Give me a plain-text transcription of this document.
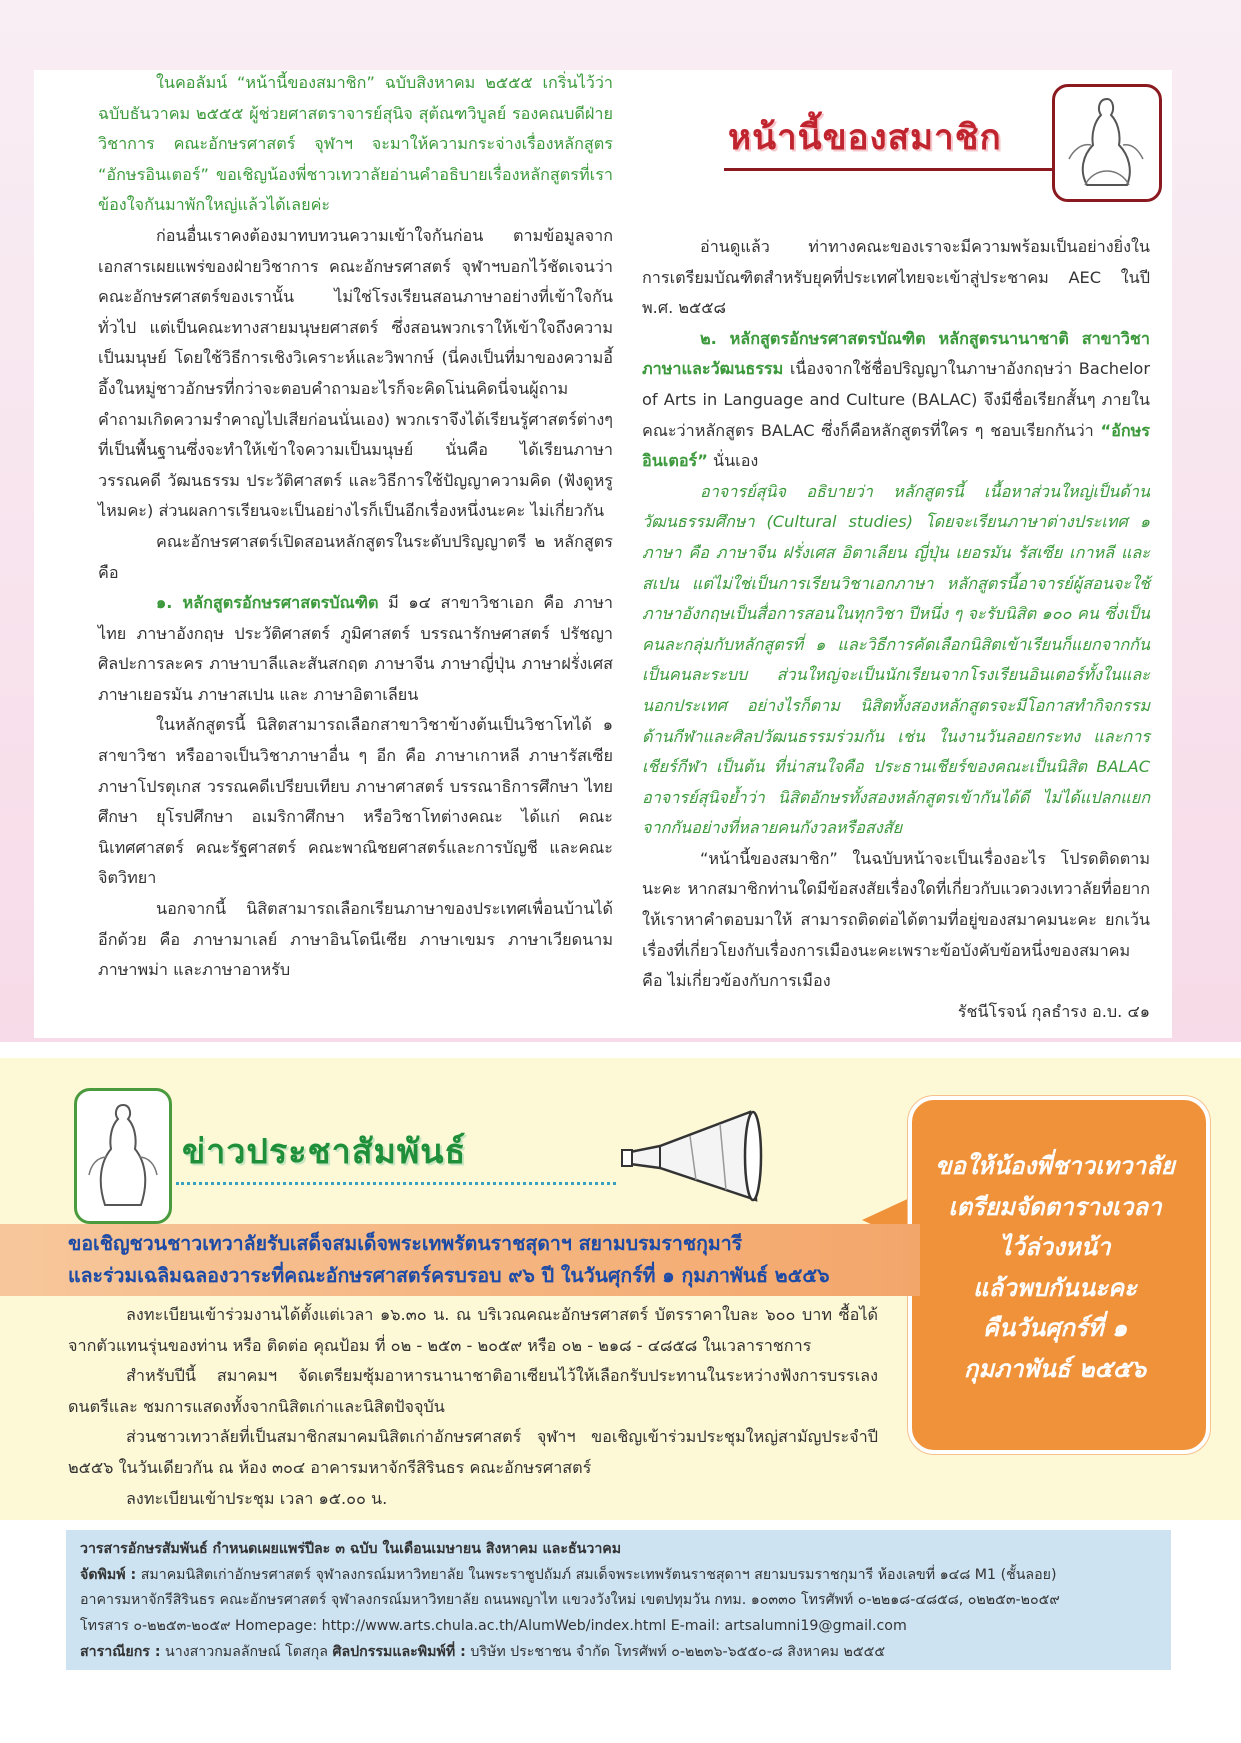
หน้านี้ของสมาชิก

ในคอลัมน์ “หน้านี้ของสมาชิก” ฉบับสิงหาคม ๒๕๕๕ เกริ่นไว้ว่าฉบับธันวาคม ๒๕๕๕ ผู้ช่วยศาสตราจารย์สุนิจ สุต้ณฑวิบูลย์ รองคณบดีฝ่ายวิชาการ คณะอักษรศาสตร์ จุฬาฯ จะมาให้ความกระจ่างเรื่องหลักสูตร “อักษรอินเตอร์” ขอเชิญน้องพี่ชาวเทวาลัยอ่านคำอธิบายเรื่องหลักสูตรที่เราข้องใจกันมาพักใหญ่แล้วได้เลยค่ะ

ก่อนอื่นเราคงต้องมาทบทวนความเข้าใจกันก่อน ตามข้อมูลจากเอกสารเผยแพร่ของฝ่ายวิชาการ คณะอักษรศาสตร์ จุฬาฯบอกไว้ชัดเจนว่า คณะอักษรศาสตร์ของเรานั้น ไม่ใช่โรงเรียนสอนภาษาอย่างที่เข้าใจกันทั่วไป แต่เป็นคณะทางสายมนุษยศาสตร์ ซึ่งสอนพวกเราให้เข้าใจถึงความเป็นมนุษย์ โดยใช้วิธีการเชิงวิเคราะห์และวิพากษ์ (นี่คงเป็นที่มาของความอี้อึ้งในหมู่ชาวอักษรที่กว่าจะตอบคำถามอะไรก็จะคิดโน่นคิดนี่จนผู้ถามคำถามเกิดความรำคาญไปเสียก่อนนั่นเอง) พวกเราจึงได้เรียนรู้ศาสตร์ต่างๆ ที่เป็นพื้นฐานซึ่งจะทำให้เข้าใจความเป็นมนุษย์ นั่นคือ ได้เรียนภาษา วรรณคดี วัฒนธรรม ประวัติศาสตร์ และวิธีการใช้ปัญญาความคิด (ฟังดูหรูไหมคะ) ส่วนผลการเรียนจะเป็นอย่างไรก็เป็นอีกเรื่องหนึ่งนะคะ ไม่เกี่ยวกัน

คณะอักษรศาสตร์เปิดสอนหลักสูตรในระดับปริญญาตรี ๒ หลักสูตร คือ

๑. หลักสูตรอักษรศาสตรบัณฑิต มี ๑๔ สาขาวิชาเอก คือ ภาษาไทย ภาษาอังกฤษ ประวัติศาสตร์ ภูมิศาสตร์ บรรณารักษศาสตร์ ปรัชญา ศิลปะการละคร ภาษาบาลีและสันสกฤต ภาษาจีน ภาษาญี่ปุ่น ภาษาฝรั่งเศส ภาษาเยอรมัน ภาษาสเปน และ ภาษาอิตาเลียน

ในหลักสูตรนี้ นิสิตสามารถเลือกสาขาวิชาข้างต้นเป็นวิชาโทได้ ๑ สาขาวิชา หรืออาจเป็นวิชาภาษาอื่น ๆ อีก คือ ภาษาเกาหลี ภาษารัสเซีย ภาษาโปรตุเกส วรรณคดีเปรียบเทียบ ภาษาศาสตร์ บรรณาธิการศึกษา ไทยศึกษา ยุโรปศึกษา อเมริกาศึกษา หรือวิชาโทต่างคณะ ได้แก่ คณะนิเทศศาสตร์ คณะรัฐศาสตร์ คณะพาณิชยศาสตร์และการบัญชี และคณะจิตวิทยา

นอกจากนี้ นิสิตสามารถเลือกเรียนภาษาของประเทศเพื่อนบ้านได้อีกด้วย คือ ภาษามาเลย์ ภาษาอินโดนีเซีย ภาษาเขมร ภาษาเวียดนาม ภาษาพม่า และภาษาอาหรับ

อ่านดูแล้ว ท่าทางคณะของเราจะมีความพร้อมเป็นอย่างยิ่งในการเตรียมบัณฑิตสำหรับยุคที่ประเทศไทยจะเข้าสู่ประชาคม AEC ในปี พ.ศ. ๒๕๕๘

๒. หลักสูตรอักษรศาสตรบัณฑิต หลักสูตรนานาชาติ สาขาวิชาภาษาและวัฒนธรรม เนื่องจากใช้ชื่อปริญญาในภาษาอังกฤษว่า Bachelor of Arts in Language and Culture (BALAC) จึงมีชื่อเรียกสั้นๆ ภายในคณะว่าหลักสูตร BALAC ซึ่งก็คือหลักสูตรที่ใคร ๆ ชอบเรียกกันว่า “อักษรอินเตอร์” นั่นเอง

อาจารย์สุนิจ อธิบายว่า หลักสูตรนี้ เนื้อหาส่วนใหญ่เป็นด้านวัฒนธรรมศึกษา (Cultural studies) โดยจะเรียนภาษาต่างประเทศ ๑ ภาษา คือ ภาษาจีน ฝรั่งเศส อิตาเลียน ญี่ปุ่น เยอรมัน รัสเซีย เกาหลี และสเปน แต่ไม่ใช่เป็นการเรียนวิชาเอกภาษา หลักสูตรนี้อาจารย์ผู้สอนจะใช้ภาษาอังกฤษเป็นสื่อการสอนในทุกวิชา ปีหนึ่ง ๆ จะรับนิสิต ๑๐๐ คน ซึ่งเป็นคนละกลุ่มกับหลักสูตรที่ ๑ และวิธีการคัดเลือกนิสิตเข้าเรียนก็แยกจากกัน เป็นคนละระบบ ส่วนใหญ่จะเป็นนักเรียนจากโรงเรียนอินเตอร์ทั้งในและนอกประเทศ อย่างไรก็ตาม นิสิตทั้งสองหลักสูตรจะมีโอกาสทำกิจกรรมด้านกีฬาและศิลปวัฒนธรรมร่วมกัน เช่น ในงานวันลอยกระทง และการเชียร์กีฬา เป็นต้น ที่น่าสนใจคือ ประธานเชียร์ของคณะเป็นนิสิต BALAC อาจารย์สุนิจย้ำว่า นิสิตอักษรทั้งสองหลักสูตรเข้ากันได้ดี ไม่ได้แปลกแยกจากกันอย่างที่หลายคนกังวลหรือสงสัย

“หน้านี้ของสมาชิก” ในฉบับหน้าจะเป็นเรื่องอะไร โปรดติดตามนะคะ หากสมาชิกท่านใดมีข้อสงสัยเรื่องใดที่เกี่ยวกับแวดวงเทวาลัยที่อยากให้เราหาคำตอบมาให้ สามารถติดต่อได้ตามที่อยู่ของสมาคมนะคะ ยกเว้นเรื่องที่เกี่ยวโยงกับเรื่องการเมืองนะคะเพราะข้อบังคับข้อหนึ่งของสมาคมคือ ไม่เกี่ยวข้องกับการเมือง

รัชนีโรจน์ กุลธำรง อ.บ. ๔๑

ข่าวประชาสัมพันธ์	ขอให้น้องพี่ชาวเทวาลัย
เตรียมจัดตารางเวลา
ไว้ล่วงหน้า
แล้วพบกันนะคะ
คืนวันศุกร์ที่ ๑
กุมภาพันธ์ ๒๕๕๖
ขอเชิญชวนชาวเทวาลัยรับเสด็จสมเด็จพระเทพรัตนราชสุดาฯ สยามบรมราชกุมารี
และร่วมเฉลิมฉลองวาระที่คณะอักษรศาสตร์ครบรอบ ๙๖ ปี ในวันศุกร์ที่ ๑ กุมภาพันธ์ ๒๕๕๖

ลงทะเบียนเข้าร่วมงานได้ตั้งแต่เวลา ๑๖.๓๐ น. ณ บริเวณคณะอักษรศาสตร์ บัตรราคาใบละ ๖๐๐ บาท ซื้อได้จากตัวแทนรุ่นของท่าน หรือ ติดต่อ คุณป้อม ที่ ๐๒ - ๒๕๓ - ๒๐๕๙ หรือ ๐๒ - ๒๑๘ - ๔๘๕๘ ในเวลาราชการ

สำหรับปีนี้ สมาคมฯ จัดเตรียมซุ้มอาหารนานาชาติอาเซียนไว้ให้เลือกรับประทานในระหว่างฟังการบรรเลงดนตรีและ ชมการแสดงทั้งจากนิสิตเก่าและนิสิตปัจจุบัน

ส่วนชาวเทวาลัยที่เป็นสมาชิกสมาคมนิสิตเก่าอักษรศาสตร์ จุฬาฯ ขอเชิญเข้าร่วมประชุมใหญ่สามัญประจำปี ๒๕๕๖ ในวันเดียวกัน ณ ห้อง ๓๐๔ อาคารมหาจักรีสิรินธร คณะอักษรศาสตร์

ลงทะเบียนเข้าประชุม เวลา ๑๕.๐๐ น.

วารสารอักษรสัมพันธ์ กำหนดเผยแพร่ปีละ ๓ ฉบับ ในเดือนเมษายน สิงหาคม และธันวาคม

จัดพิมพ์ : สมาคมนิสิตเก่าอักษรศาสตร์ จุฬาลงกรณ์มหาวิทยาลัย ในพระราชูปถัมภ์ สมเด็จพระเทพรัตนราชสุดาฯ สยามบรมราชกุมารี ห้องเลขที่ ๑๔๘ M1 (ชั้นลอย)

อาคารมหาจักรีสิรินธร คณะอักษรศาสตร์ จุฬาลงกรณ์มหาวิทยาลัย ถนนพญาไท แขวงวังใหม่ เขตปทุมวัน กทม. ๑๐๓๓๐ โทรศัพท์ ๐-๒๒๑๘-๔๘๕๘, ๐๒๒๕๓-๒๐๕๙

โทรสาร ๐-๒๒๕๓-๒๐๕๙ Homepage: http://www.arts.chula.ac.th/AlumWeb/index.html E-mail: artsalumni19@gmail.com

สาราณียกร : นางสาวกมลลักษณ์ โตสกุล ศิลปกรรมและพิมพ์ที่ : บริษัท ประชาชน จำกัด โทรศัพท์ ๐-๒๒๓๖-๖๕๕๐-๘ สิงหาคม ๒๕๕๕
